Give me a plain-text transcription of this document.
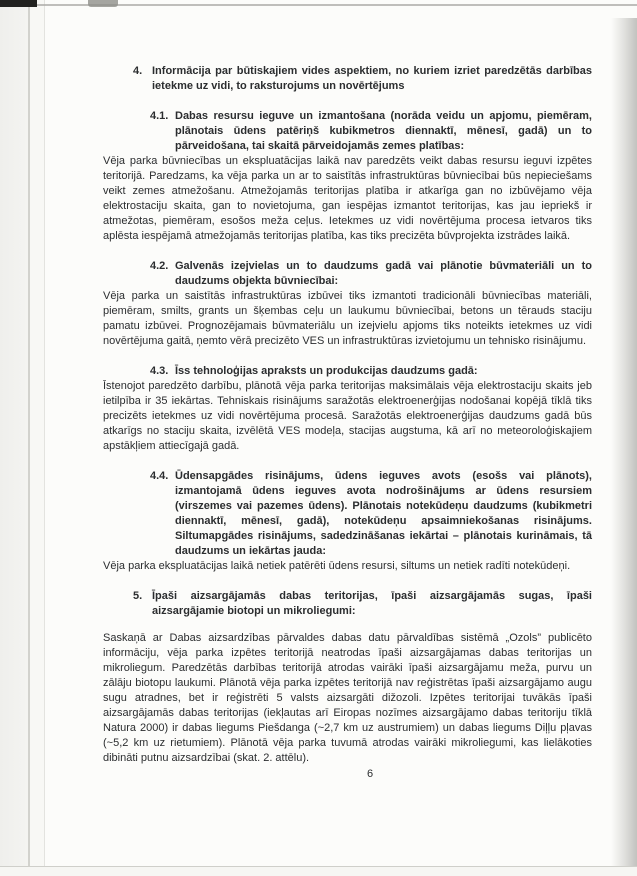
4. Informācija par būtiskajiem vides aspektiem, no kuriem izriet paredzētās darbības ietekme uz vidi, to raksturojums un novērtējums
4.1. Dabas resursu ieguve un izmantošana (norāda veidu un apjomu, piemēram, plānotais ūdens patēriņš kubikmetros diennaktī, mēnesī, gadā) un to pārveidošana, tai skaitā pārveidojamās zemes platības:

Vēja parka būvniecības un ekspluatācijas laikā nav paredzēts veikt dabas resursu ieguvi izpētes teritorijā. Paredzams, ka vēja parka un ar to saistītās infrastruktūras būvniecībai būs nepieciešams veikt zemes atmežošanu. Atmežojamās teritorijas platība ir atkarīga gan no izbūvējamo vēja elektrostaciju skaita, gan to novietojuma, gan iespējas izmantot teritorijas, kas jau iepriekš ir atmežotas, piemēram, esošos meža ceļus. Ietekmes uz vidi novērtējuma procesa ietvaros tiks aplēsta iespējamā atmežojamās teritorijas platība, kas tiks precizēta būvprojekta izstrādes laikā.

4.2. Galvenās izejvielas un to daudzums gadā vai plānotie būvmateriāli un to daudzums objekta būvniecībai:

Vēja parka un saistītās infrastruktūras izbūvei tiks izmantoti tradicionāli būvniecības materiāli, piemēram, smilts, grants un šķembas ceļu un laukumu būvniecībai, betons un tērauds staciju pamatu izbūvei. Prognozējamais būvmateriālu un izejvielu apjoms tiks noteikts ietekmes uz vidi novērtējuma gaitā, ņemto vērā precizēto VES un infrastruktūras izvietojumu un tehnisko risinājumu.

4.3. Īss tehnoloģijas apraksts un produkcijas daudzums gadā:

Īstenojot paredzēto darbību, plānotā vēja parka teritorijas maksimālais vēja elektrostaciju skaits jeb ietilpība ir 35 iekārtas. Tehniskais risinājums saražotās elektroenerģijas nodošanai kopējā tīklā tiks precizēts ietekmes uz vidi novērtējuma procesā. Saražotās elektroenerģijas daudzums gadā būs atkarīgs no staciju skaita, izvēlētā VES modeļa, stacijas augstuma, kā arī no meteoroloģiskajiem apstākļiem attiecīgajā gadā.

4.4. Ūdensapgādes risinājums, ūdens ieguves avots (esošs vai plānots), izmantojamā ūdens ieguves avota nodrošinājums ar ūdens resursiem (virszemes vai pazemes ūdens). Plānotais notekūdeņu daudzums (kubikmetri diennaktī, mēnesī, gadā), notekūdeņu apsaimniekošanas risinājums. Siltumapgādes risinājums, sadedzināšanas iekārtai – plānotais kurināmais, tā daudzums un iekārtas jauda:

Vēja parka ekspluatācijas laikā netiek patērēti ūdens resursi, siltums un netiek radīti notekūdeņi.

5. Īpaši aizsargājamās dabas teritorijas, īpaši aizsargājamās sugas, īpaši aizsargājamie biotopi un mikroliegumi:

Saskaņā ar Dabas aizsardzības pārvaldes dabas datu pārvaldības sistēmā „Ozols” publicēto informāciju, vēja parka izpētes teritorijā neatrodas īpaši aizsargājamas dabas teritorijas un mikroliegum. Paredzētās darbības teritorijā atrodas vairāki īpaši aizsargājamu meža, purvu un zālāju biotopu laukumi. Plānotā vēja parka izpētes teritorijā nav reģistrētas īpaši aizsargājamo augu sugu atradnes, bet ir reģistrēti 5 valsts aizsargāti dižozoli. Izpētes teritorijai tuvākās īpaši aizsargājamās dabas teritorijas (iekļautas arī Eiropas nozīmes aizsargājamo dabas teritoriju tīklā Natura 2000) ir dabas liegums Piešdanga (~2,7 km uz austrumiem) un dabas liegums Diļļu pļavas (~5,2 km uz rietumiem). Plānotā vēja parka tuvumā atrodas vairāki mikroliegumi, kas lielākoties dibināti putnu aizsardzībai (skat. 2. attēlu).

6
